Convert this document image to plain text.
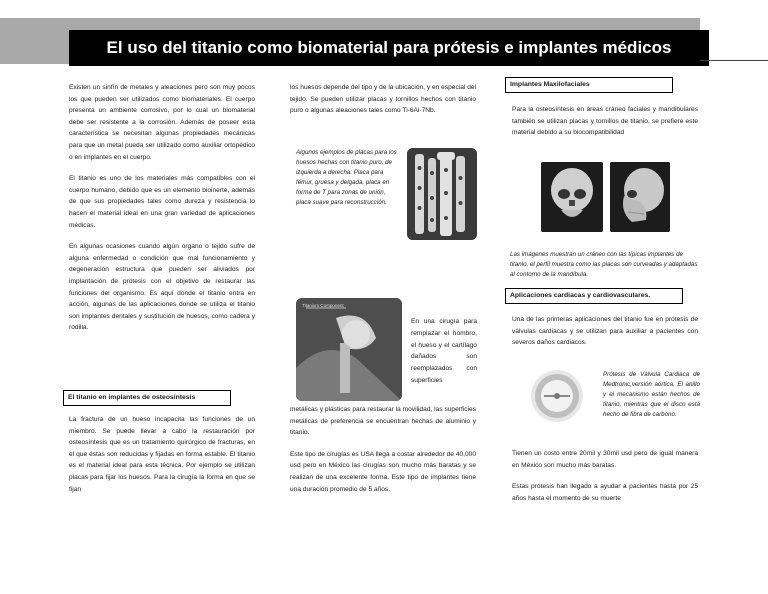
El uso del titanio como biomaterial para prótesis e implantes médicos

Existen un sinfín de metales y aleaciones pero son muy pocos los que pueden ser utilizados como biomateriales. El cuerpo presenta un ambiente corrosivo, por lo cual un biomaterial debe ser resistente a la corrosión. Además de poseer esta característica se necesitan algunas propiedades mecánicas para que un metal pueda ser utilizado como auxiliar ortopédico o en implantes en el cuerpo.

El titanio es uno de los materiales más compatibles con el cuerpo humano, debido que es un elemento bioinerte, además de que sus propiedades tales como dureza y resistencia lo hacen el material ideal en una gran variedad de aplicaciones médicas.

En algunas ocasiones cuando algún órgano o tejido sufre de alguna enfermedad o condición que mal funcionamiento y degeneración estructura que pueden ser aliviados por implantación de prótesis con el objetivo de restaurar las funciones del organismo. Es aquí donde el titanio entra en acción, algunas de las aplicaciones donde se utiliza el titanio son implantes dentales y sustitución de huesos, como cadera y rodilla.

El titanio en implantes de osteosíntesis

La fractura de un hueso incapacita las funciones de un miembro. Se puede llevar a cabo la restauración por osteosíntesis que es un tratamiento quirúrgico de fracturas, en el que éstas son reducidas y fijadas en forma estable. El titanio es el material ideal para esta técnica. Por ejemplo se utilizan placas para fijar los huesos. Para la cirugía la forma en que se fijan

los huesos depende del tipo y de la ubicación, y en especial del tejido. Se pueden utilizar placas y tornillos hechos con titanio puro o algunas aleaciones tales como Ti-6Al-7Nb.

Algunos ejemplos de placas para los huesos hechas con titanio puro, de izquierda a derecha: Placa para fémur, gruesa y delgada, placa en forma de T para zonas de unión, placa suave para reconstrucción.
Titanium Component
En una cirugía para remplazar el hombro, el hueso y el cartílago dañados son reemplazados con superficies

metálicas y plásticas para restaurar la movilidad, las superficies metálicas de preferencia se encuentran hechas de aluminio y titanio.

Este tipo de cirugías es USA llega a costar alrededor de 40,000 usd pero en México las cirugías son mucho más baratas y se realizan de una excelente forma. Este tipo de implantes tiene una duración promedio de 5 años.

Implantes Maxilofaciales
Para la osteosíntesis en áreas cráneo faciales y mandibulares también se utilizan placas y tornillos de titanio, se prefiere este material debido a su biocompatibilidad
Las imágenes muestran un cráneo con las típicas implantes de titanio, el perfil muestra como las placas son curveadas y adaptadas al contorno de la mandíbula.
Aplicaciones cardiacas y cardiovasculares.
Una de las primeras aplicaciones del titanio fue en prótesis de válvulas cardiacas y se utilizan para auxiliar a pacientes con severos daños cardiacos.
Prótesis de Válvula Cardiaca de Medtronic,versión aórtica. El anillo y el mecanismo están hechos de titanio, mientras que el disco está hecho de fibra de carbono.

Tienen un costo entre 20mil y 30mil usd pero de igual manera en México son mucho más baratas.

Estas prótesis han llegado a ayudar a pacientes hasta por 25 años hasta el momento de su muerte
